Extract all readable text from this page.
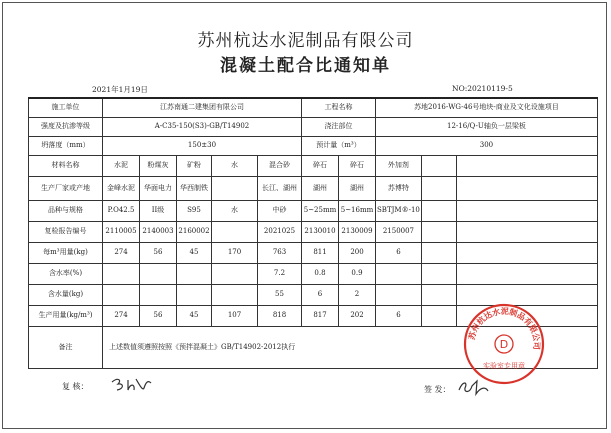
苏州杭达水泥制品有限公司
混凝土配合比通知单
2021年1月19日	NO:20210119-5
施工单位	江苏南通二建集团有限公司					工程名称		苏地2016-WG-46号地块-商业及文化设施项目		
强度及抗渗等级	A-C35-150(S3)-GB/T14902					浇注部位		12-16/Q-U轴负一层梁板		
坍落度（mm）	150±30					预计量（m³）		300		
材料名称	水泥	粉煤灰	矿粉	水	混合砂	碎石	碎石	外加剂		
生产厂家或产地	金峰水泥	华面电力	华西制铁		长江、湖州	湖州	湖州	苏博特		
品种与规格	P.O42.5	II级	S95	水	中砂	5~25mm	5~16mm	SBTJM®-10		
复检报告编号	2110005	2140003	2160002		2021025	2130010	2130009	2150007		
每m³用量(kg)	274	56	45	170	763	811	200	6		
含水率(%)					7.2	0.8	0.9			
含水量(kg)					55	6	2			
生产用量(kg/m³)	274	56	45	107	818	817	202	6		
备注	上述数值须遵照按照《预拌混凝土》GB/T14902-2012执行									
复 核：	签 发：
苏州杭达水泥制品有限公司
D
实验室专用章
